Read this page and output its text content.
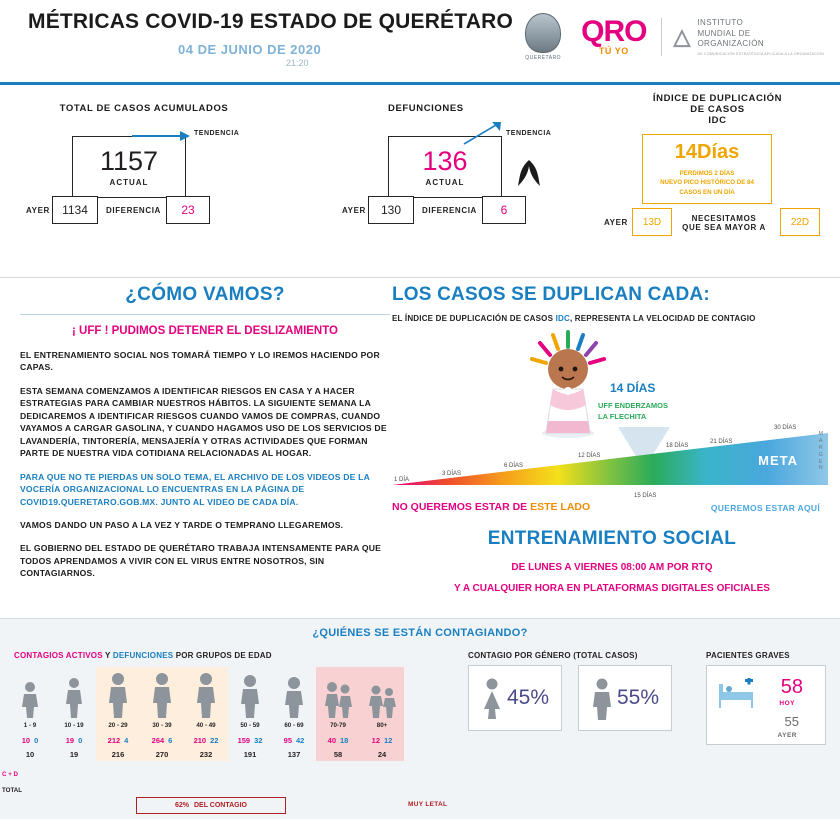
MÉTRICAS COVID-19 ESTADO DE QUERÉTARO
04 DE JUNIO DE 2020
21:20	QUERÉTARO
QRO
TÚ YO
△
INSTITUTO
MUNDIAL DE
ORGANIZACIÓN
DE COMUNICACIÓN ESTRATÉGICA APLICADA A LA ORGANIZACIÓN
TOTAL DE CASOS ACUMULADOS
1157
ACTUAL
TENDENCIA
AYER 1134 DIFERENCIA 23
DEFUNCIONES
136
ACTUAL
TENDENCIA
AYER 130	DIFERENCIA 6
ÍNDICE DE DUPLICACIÓN
DE CASOS
IDC
14Días
PERDIMOS 2 DÍAS
NUEVO PICO HISTÓRICO DE 84
CASOS EN UN DÍA
AYER 13D	NECESITAMOS
QUE SEA MAYOR A	22D
¿CÓMO VAMOS?
¡ UFF ! PUDIMOS DETENER EL DESLIZAMIENTO
EL ENTRENAMIENTO SOCIAL NOS TOMARÁ TIEMPO Y LO IREMOS HACIENDO POR CAPAS.
ESTA SEMANA COMENZAMOS A IDENTIFICAR RIESGOS EN CASA Y A HACER ESTRATEGIAS PARA CAMBIAR NUESTROS HÁBITOS. LA SIGUIENTE SEMANA LA DEDICAREMOS A IDENTIFICAR RIESGOS CUANDO VAMOS DE COMPRAS, CUANDO VAYAMOS A CARGAR GASOLINA, Y CUANDO HAGAMOS USO DE LOS SERVICIOS DE LAVANDERÍA, TINTORERÍA, MENSAJERÍA Y OTRAS ACTIVIDADES QUE FORMAN PARTE DE NUESTRA VIDA COTIDIANA RELACIONADAS AL HOGAR.
PARA QUE NO TE PIERDAS UN SOLO TEMA, EL ARCHIVO DE LOS VIDEOS DE LA VOCERÍA ORGANIZACIONAL LO ENCUENTRAS EN LA PÁGINA DE COVID19.QUERETARO.GOB.MX. JUNTO AL VIDEO DE CADA DÍA.
VAMOS DANDO UN PASO A LA VEZ Y TARDE O TEMPRANO LLEGAREMOS.
EL GOBIERNO DEL ESTADO DE QUERÉTARO TRABAJA INTENSAMENTE PARA QUE TODOS APRENDAMOS A VIVIR CON EL VIRUS ENTRE NOSOTROS, SIN CONTAGIARNOS.
LOS CASOS SE DUPLICAN CADA:
EL ÍNDICE DE DUPLICACIÓN DE CASOS IDC, REPRESENTA LA VELOCIDAD DE CONTAGIO
14 DÍAS
UFF ENDERZAMOS
LA FLECHITA
1 DÍA
3 DÍAS
6 DÍAS
12 DÍAS
15 DÍAS
18 DÍAS
21 DÍAS
30 DÍAS
META
M
A
R
G
E
N
NO QUEREMOS ESTAR DE ESTE LADO	QUEREMOS ESTAR AQUÍ
ENTRENAMIENTO SOCIAL
DE LUNES A VIERNES 08:00 AM POR RTQ
Y A CUALQUIER HORA EN PLATAFORMAS DIGITALES OFICIALES
¿QUIÉNES SE ESTÁN CONTAGIANDO?
CONTAGIOS ACTIVOS Y DEFUNCIONES POR GRUPOS DE EDAD	CONTAGIO POR GÉNERO (TOTAL CASOS)	PACIENTES GRAVES
C + D
TOTAL
1 - 9
10 0
10
10 - 19
19 0
19
20 - 29
212 4
216
30 - 39
264 6
270
40 - 49
210 22
232
50 - 59
159 32
191
60 - 69
95 42
137
70-79
40 18
58
80+
12 12
24
62% DEL CONTAGIO	MUY LETAL
45%	55%	58
HOY
55
AYER
